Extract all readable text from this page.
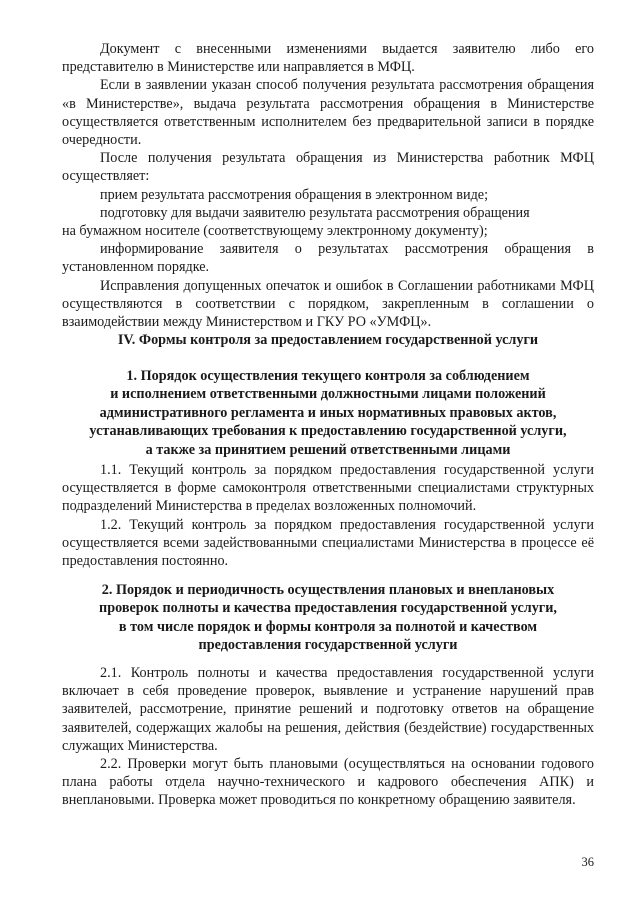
Документ с внесенными изменениями выдается заявителю либо его представителю в Министерстве или направляется в МФЦ.

Если в заявлении указан способ получения результата рассмотрения обращения «в Министерстве», выдача результата рассмотрения обращения в Министерстве осуществляется ответственным исполнителем без предварительной записи в порядке очередности.

После получения результата обращения из Министерства работник МФЦ осуществляет:

прием результата рассмотрения обращения в электронном виде;

подготовку для выдачи заявителю результата рассмотрения обращения

на бумажном носителе (соответствующему электронному документу);

информирование заявителя о результатах рассмотрения обращения в установленном порядке.

Исправления допущенных опечаток и ошибок в Соглашении работниками МФЦ осуществляются в соответствии с порядком, закрепленным в соглашении о взаимодействии между Министерством и ГКУ РО «УМФЦ».

IV. Формы контроля за предоставлением государственной услуги
1. Порядок осуществления текущего контроля за соблюдением
и исполнением ответственными должностными лицами положений
административного регламента и иных нормативных правовых актов,
устанавливающих требования к предоставлению государственной услуги,
а также за принятием решений ответственными лицами

1.1. Текущий контроль за порядком предоставления государственной услуги осуществляется в форме самоконтроля ответственными специалистами структурных подразделений Министерства в пределах возложенных полномочий.

1.2. Текущий контроль за порядком предоставления государственной услуги осуществляется всеми задействованными специалистами Министерства в процессе её предоставления постоянно.

2. Порядок и периодичность осуществления плановых и внеплановых
проверок полноты и качества предоставления государственной услуги,
в том числе порядок и формы контроля за полнотой и качеством
предоставления государственной услуги

2.1. Контроль полноты и качества предоставления государственной услуги включает в себя проведение проверок, выявление и устранение нарушений прав заявителей, рассмотрение, принятие решений и подготовку ответов на обращение заявителей, содержащих жалобы на решения, действия (бездействие) государственных служащих Министерства.

2.2. Проверки могут быть плановыми (осуществляться на основании годового плана работы отдела научно-технического и кадрового обеспечения АПК) и внеплановыми. Проверка может проводиться по конкретному обращению заявителя.

36
